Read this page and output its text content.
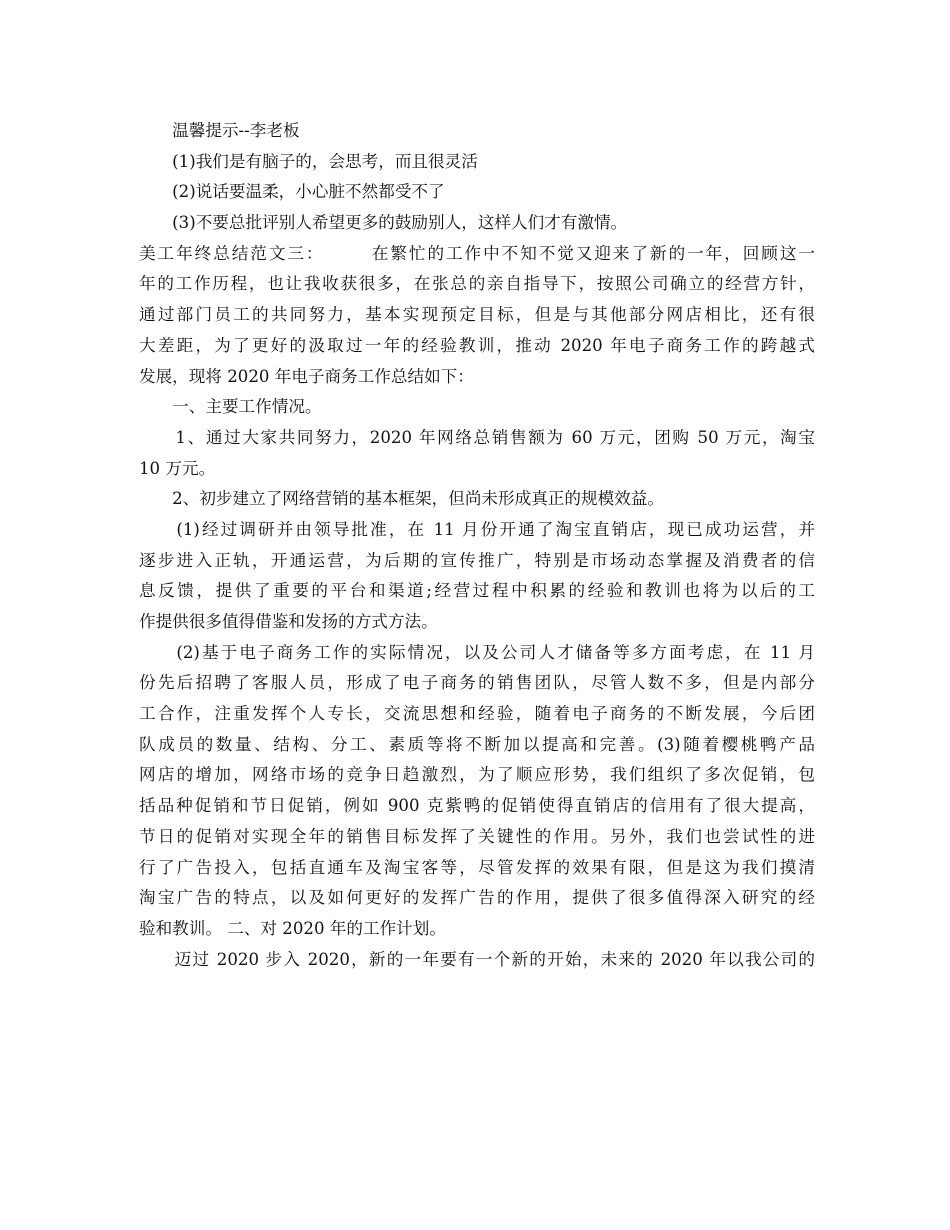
　　温馨提示--李老板
　　(1)我们是有脑子的，会思考，而且很灵活
　　(2)说话要温柔，小心脏不然都受不了
　　(3)不要总批评别人希望更多的鼓励别人，这样人们才有激情。
美工年终总结范文三：　　　在繁忙的工作中不知不觉又迎来了新的一年，回顾这一
年的工作历程，也让我收获很多，在张总的亲自指导下，按照公司确立的经营方针，
通过部门员工的共同努力，基本实现预定目标，但是与其他部分网店相比，还有很
大差距，为了更好的汲取过一年的经验教训，推动 2020 年电子商务工作的跨越式
发展，现将 2020 年电子商务工作总结如下：
　　一、主要工作情况。
　　1、通过大家共同努力，2020 年网络总销售额为 60 万元，团购 50 万元，淘宝
10 万元。
　　2、初步建立了网络营销的基本框架，但尚未形成真正的规模效益。
　　(1)经过调研并由领导批准，在 11 月份开通了淘宝直销店，现已成功运营，并
逐步进入正轨，开通运营，为后期的宣传推广，特别是市场动态掌握及消费者的信
息反馈，提供了重要的平台和渠道;经营过程中积累的经验和教训也将为以后的工
作提供很多值得借鉴和发扬的方式方法。
　　(2)基于电子商务工作的实际情况，以及公司人才储备等多方面考虑，在 11 月
份先后招聘了客服人员，形成了电子商务的销售团队，尽管人数不多，但是内部分
工合作，注重发挥个人专长，交流思想和经验，随着电子商务的不断发展，今后团
队成员的数量、结构、分工、素质等将不断加以提高和完善。(3)随着樱桃鸭产品
网店的增加，网络市场的竞争日趋激烈，为了顺应形势，我们组织了多次促销，包
括品种促销和节日促销，例如 900 克紫鸭的促销使得直销店的信用有了很大提高，
节日的促销对实现全年的销售目标发挥了关键性的作用。另外，我们也尝试性的进
行了广告投入，包括直通车及淘宝客等，尽管发挥的效果有限，但是这为我们摸清
淘宝广告的特点，以及如何更好的发挥广告的作用，提供了很多值得深入研究的经
验和教训。 二、对 2020 年的工作计划。
　　迈过 2020 步入 2020，新的一年要有一个新的开始，未来的 2020 年以我公司的
